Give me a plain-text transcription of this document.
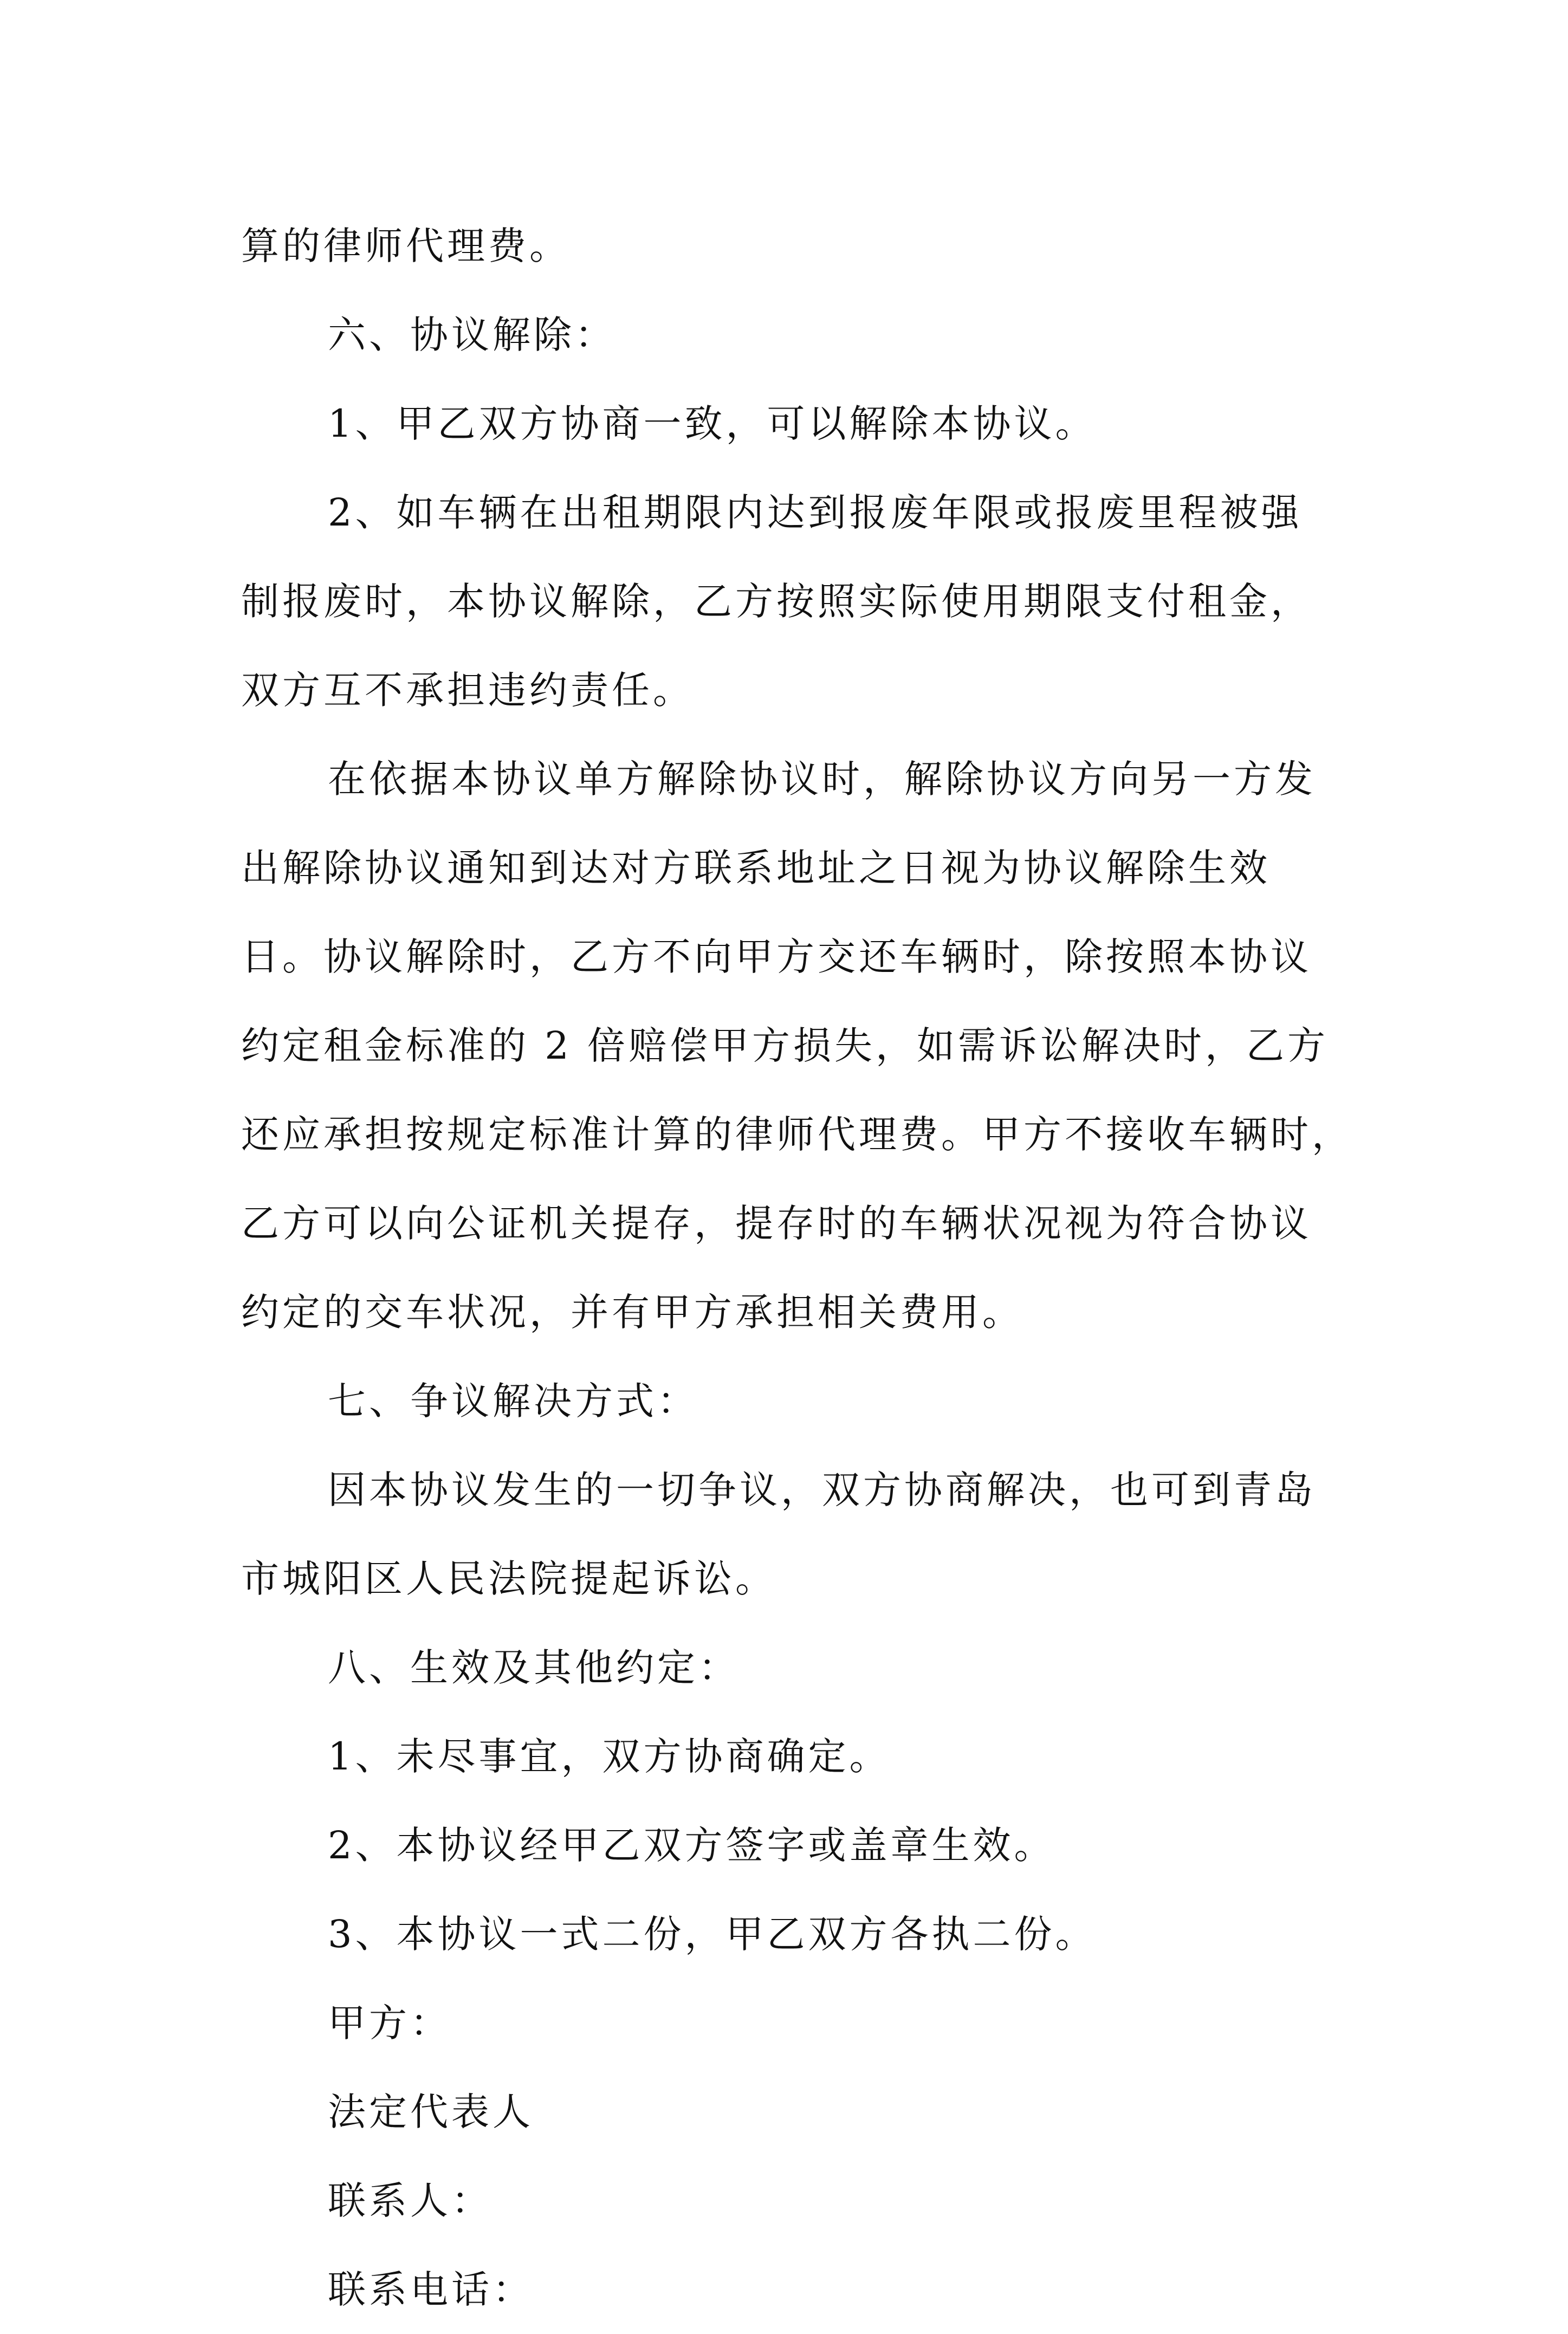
算的律师代理费。
六、协议解除：
1、甲乙双方协商一致，可以解除本协议。
2、如车辆在出租期限内达到报废年限或报废里程被强
制报废时，本协议解除，乙方按照实际使用期限支付租金，
双方互不承担违约责任。
在依据本协议单方解除协议时，解除协议方向另一方发
出解除协议通知到达对方联系地址之日视为协议解除生效
日。协议解除时，乙方不向甲方交还车辆时，除按照本协议
约定租金标准的 2 倍赔偿甲方损失，如需诉讼解决时，乙方
还应承担按规定标准计算的律师代理费。甲方不接收车辆时，
乙方可以向公证机关提存，提存时的车辆状况视为符合协议
约定的交车状况，并有甲方承担相关费用。
七、争议解决方式：
因本协议发生的一切争议，双方协商解决，也可到青岛
市城阳区人民法院提起诉讼。
八、生效及其他约定：
1、未尽事宜，双方协商确定。
2、本协议经甲乙双方签字或盖章生效。
3、本协议一式二份，甲乙双方各执二份。
甲方：
法定代表人
联系人：
联系电话：
